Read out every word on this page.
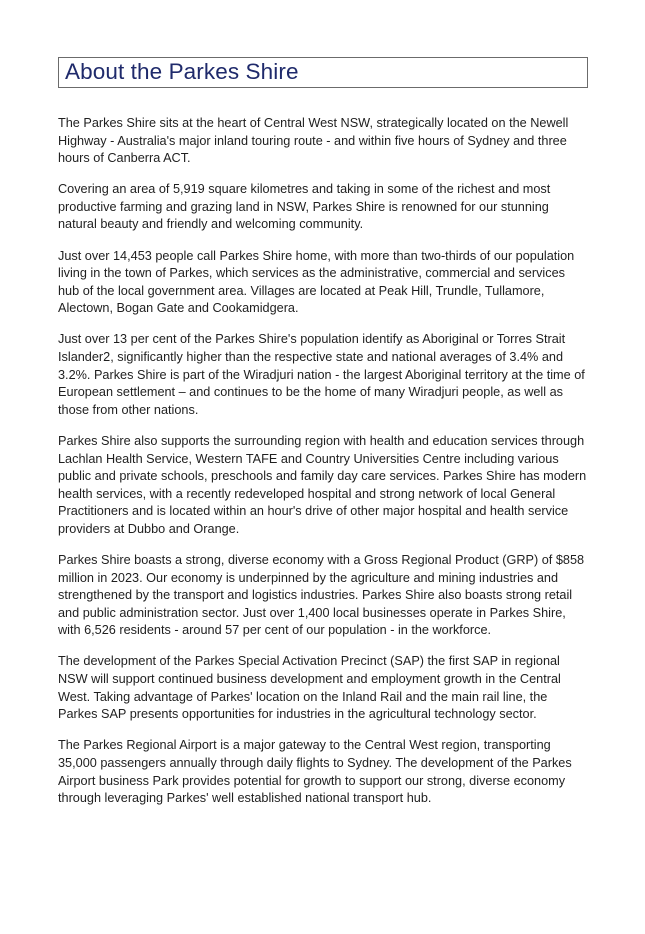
About the Parkes Shire

The Parkes Shire sits at the heart of Central West NSW, strategically located on the Newell Highway - Australia's major inland touring route - and within five hours of Sydney and three hours of Canberra ACT.

Covering an area of 5,919 square kilometres and taking in some of the richest and most productive farming and grazing land in NSW, Parkes Shire is renowned for our stunning natural beauty and friendly and welcoming community.

Just over 14,453 people call Parkes Shire home, with more than two-thirds of our population living in the town of Parkes, which services as the administrative, commercial and services hub of the local government area. Villages are located at Peak Hill, Trundle, Tullamore, Alectown, Bogan Gate and Cookamidgera.

Just over 13 per cent of the Parkes Shire's population identify as Aboriginal or Torres Strait Islander2, significantly higher than the respective state and national averages of 3.4% and 3.2%. Parkes Shire is part of the Wiradjuri nation - the largest Aboriginal territory at the time of European settlement – and continues to be the home of many Wiradjuri people, as well as those from other nations.

Parkes Shire also supports the surrounding region with health and education services through Lachlan Health Service, Western TAFE and Country Universities Centre including various public and private schools, preschools and family day care services. Parkes Shire has modern health services, with a recently redeveloped hospital and strong network of local General Practitioners and is located within an hour's drive of other major hospital and health service providers at Dubbo and Orange.

Parkes Shire boasts a strong, diverse economy with a Gross Regional Product (GRP) of $858 million in 2023. Our economy is underpinned by the agriculture and mining industries and strengthened by the transport and logistics industries. Parkes Shire also boasts strong retail and public administration sector. Just over 1,400 local businesses operate in Parkes Shire, with 6,526 residents - around 57 per cent of our population - in the workforce.

The development of the Parkes Special Activation Precinct (SAP) the first SAP in regional NSW will support continued business development and employment growth in the Central West. Taking advantage of Parkes' location on the Inland Rail and the main rail line, the Parkes SAP presents opportunities for industries in the agricultural technology sector.

The Parkes Regional Airport is a major gateway to the Central West region, transporting 35,000 passengers annually through daily flights to Sydney. The development of the Parkes Airport business Park provides potential for growth to support our strong, diverse economy through leveraging Parkes' well established national transport hub.
